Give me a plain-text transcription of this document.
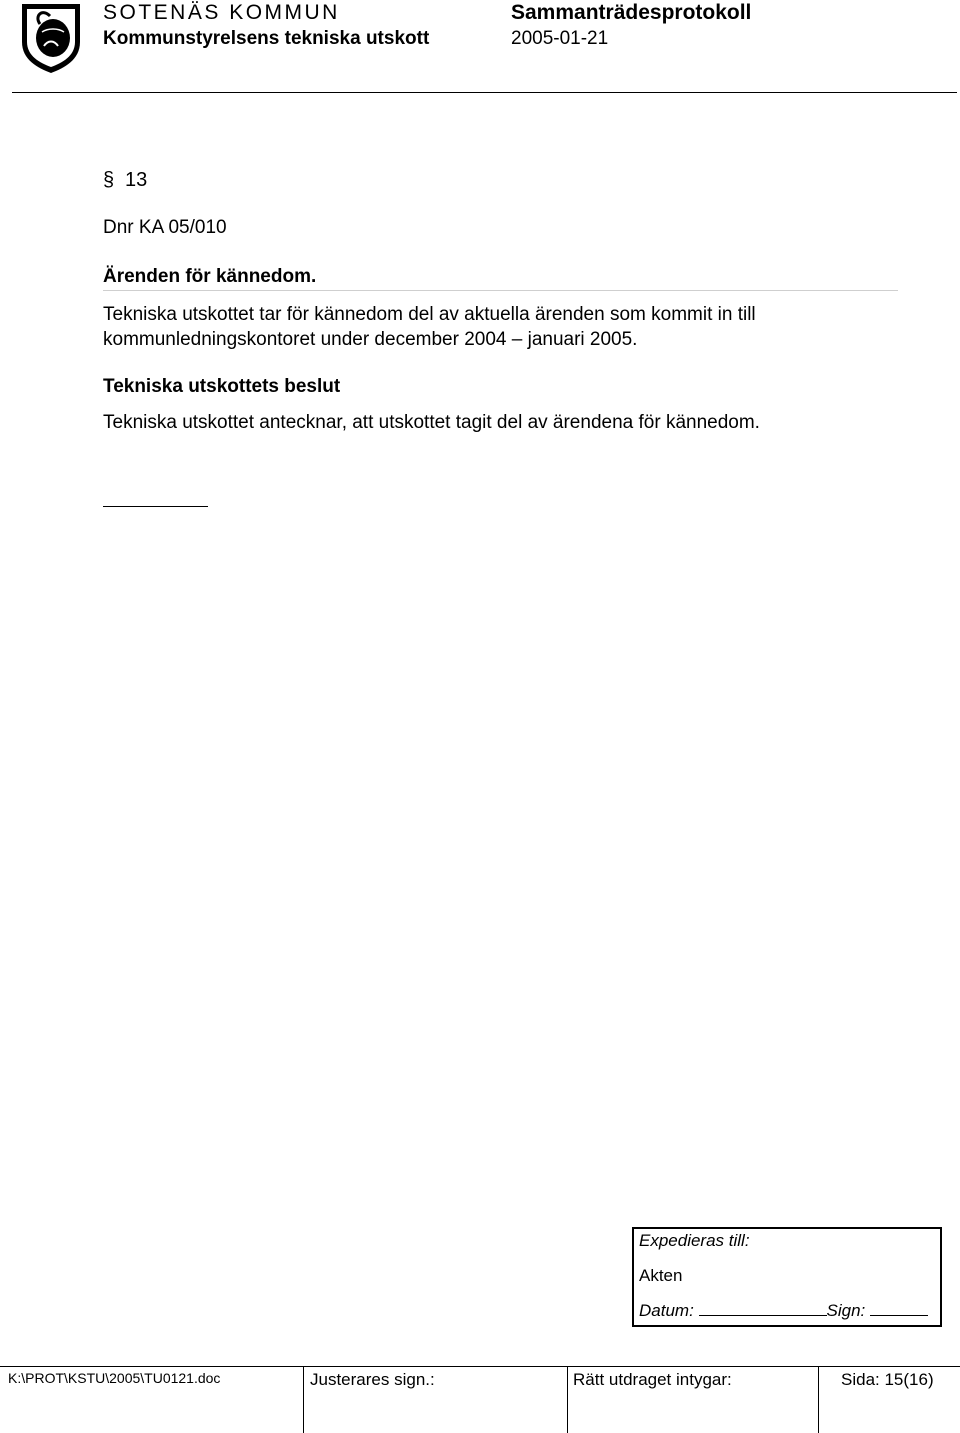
SOTENÄS KOMMUN
Kommunstyrelsens tekniska utskott
Sammanträdesprotokoll
2005-01-21
§ 13
Dnr KA 05/010
Ärenden för kännedom.
Tekniska utskottet tar för kännedom del av aktuella ärenden som kommit in till kommunledningskontoret under december 2004 – januari 2005.
Tekniska utskottets beslut
Tekniska utskottet antecknar, att utskottet tagit del av ärendena för kännedom.
Expedieras till:
Akten
Datum:	Sign:
K:\PROT\KSTU\2005\TU0121.doc	Justerares sign.:	Rätt utdraget intygar:	Sida: 15(16)
